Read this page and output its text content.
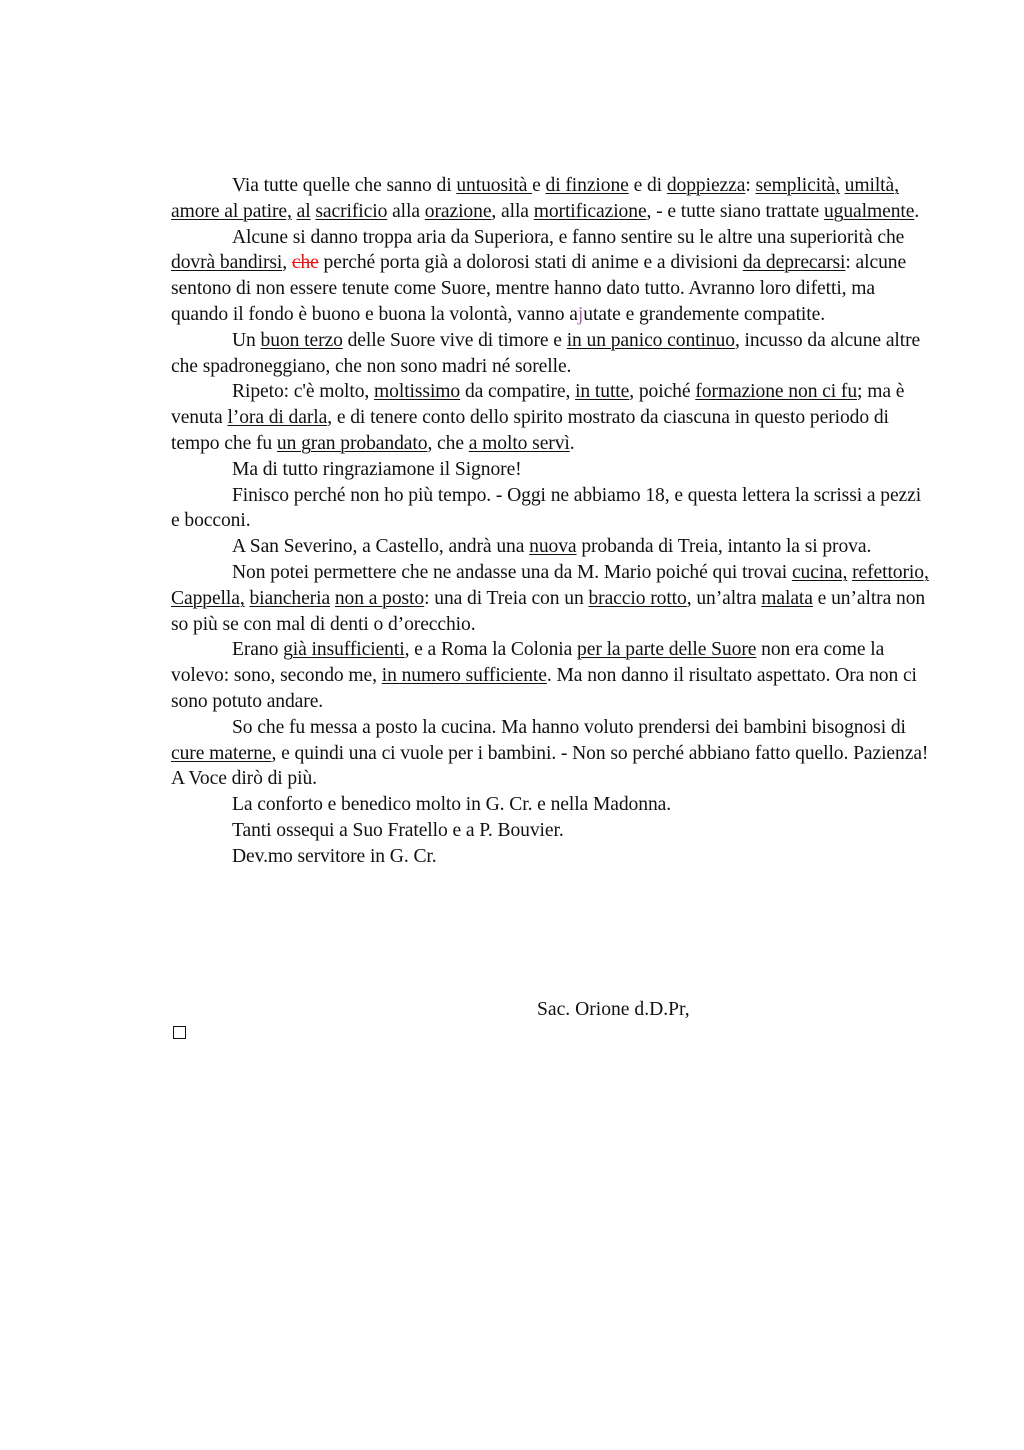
Via tutte quelle che sanno di untuosità e di finzione e di doppiezza: semplicità, umiltà, amore al patire, al sacrificio alla orazione, alla mortificazione, - e tutte siano trattate ugualmente.

Alcune si danno troppa aria da Superiora, e fanno sentire su le altre una superiorità che dovrà bandirsi, che perché porta già a dolorosi stati di anime e a divisioni da deprecarsi: alcune sentono di non essere tenute come Suore, mentre hanno dato tutto. Avranno loro difetti, ma quando il fondo è buono e buona la volontà, vanno ajutate e grandemente compatite.

Un buon terzo delle Suore vive di timore e in un panico continuo, incusso da alcune altre che spadroneggiano, che non sono madri né sorelle.

Ripeto: c'è molto, moltissimo da compatire, in tutte, poiché formazione non ci fu; ma è venuta l’ora di darla, e di tenere conto dello spirito mostrato da ciascuna in questo periodo di tempo che fu un gran probandato, che a molto servì.

Ma di tutto ringraziamone il Signore!

Finisco perché non ho più tempo. - Oggi ne abbiamo 18, e questa lettera la scrissi a pezzi e bocconi.

A San Severino, a Castello, andrà una nuova probanda di Treia, intanto la si prova.

Non potei permettere che ne andasse una da M. Mario poiché qui trovai cucina, refettorio, Cappella, biancheria non a posto: una di Treia con un braccio rotto, un’altra malata e un’altra non so più se con mal di denti o d’orecchio.

Erano già insufficienti, e a Roma la Colonia per la parte delle Suore non era come la volevo: sono, secondo me, in numero sufficiente. Ma non danno il risultato aspettato. Ora non ci sono potuto andare.

So che fu messa a posto la cucina. Ma hanno voluto prendersi dei bambini bisognosi di cure materne, e quindi una ci vuole per i bambini. - Non so perché abbiano fatto quello. Pazienza! A Voce dirò di più.

La conforto e benedico molto in G. Cr. e nella Madonna.

Tanti ossequi a Suo Fratello e a P. Bouvier.

Dev.mo servitore in G. Cr.

Sac. Orione d.D.Pr,
